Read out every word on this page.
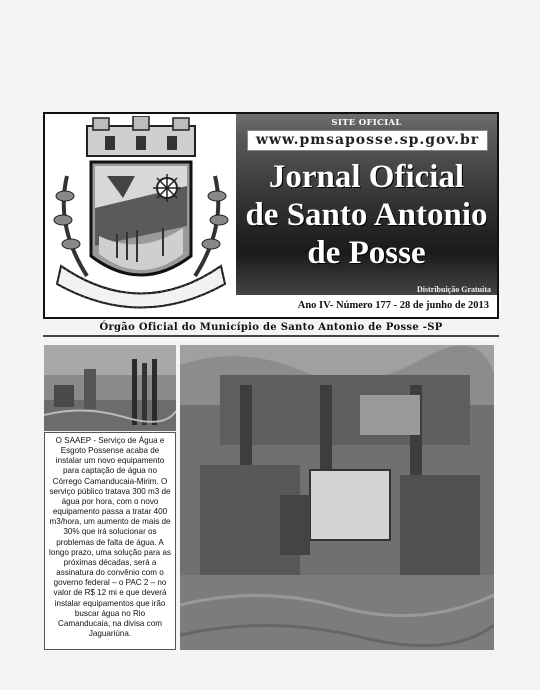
SITE OFICIAL
www.pmsaposse.sp.gov.br
Jornal Oficial
de Santo Antonio
de Posse
Distribuição Gratuita
Ano IV- Número 177 - 28 de junho de 2013
Órgão Oficial do Município de Santo Antonio de Posse -SP
O SAAEP - Serviço de Água e Esgoto Possense acaba de instalar um novo equipamento para captação de água no Córrego Camanducaia-Mirim. O serviço público tratava 300 m3 de água por hora, com o novo equipamento passa a tratar 400 m3/hora, um aumento de mais de 30% que irá solucionar os problemas de falta de água. A longo prazo, uma solução para as próximas décadas, será a assinatura do convênio com o governo federal – o PAC 2 – no valor de R$ 12 mi e que deverá instalar equipamentos que irão buscar água no Rio Camanducaia, na divisa com Jaguariúna.
